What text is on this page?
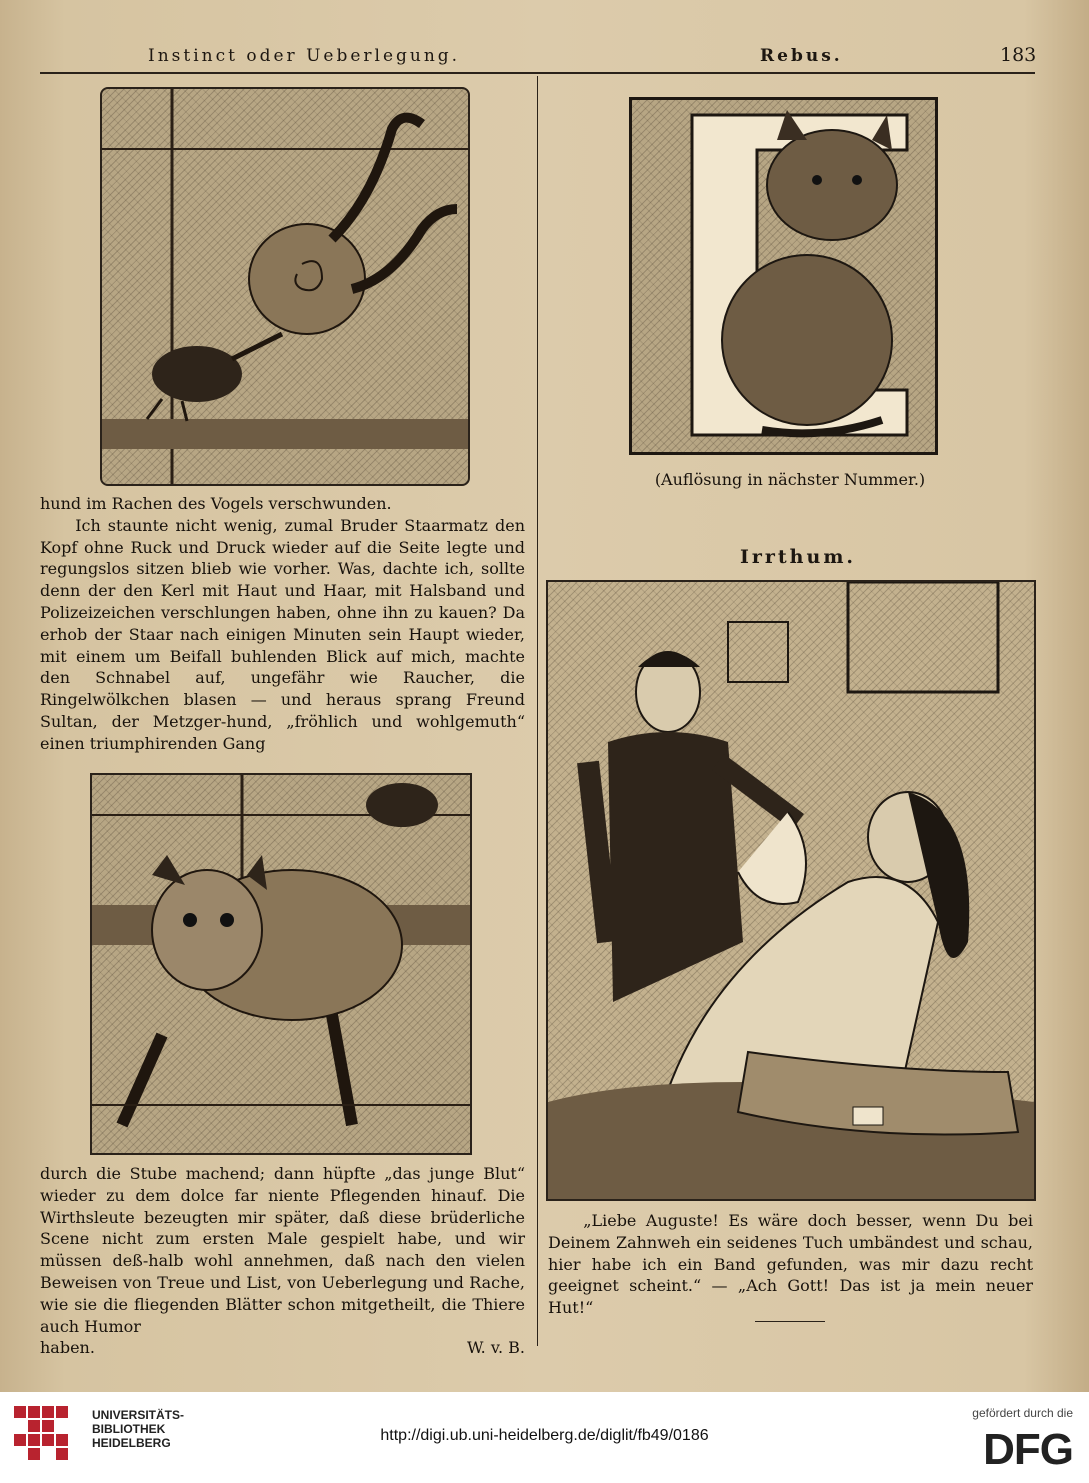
Instinct oder Ueberlegung.	Rebus.	183

hund im Rachen des Vogels verschwunden.

Ich staunte nicht wenig, zumal Bruder Staarmatz den Kopf ohne Ruck und Druck wieder auf die Seite legte und regungslos sitzen blieb wie vorher. Was, dachte ich, sollte denn der den Kerl mit Haut und Haar, mit Halsband und Polizeizeichen verschlungen haben, ohne ihn zu kauen? Da erhob der Staar nach einigen Minuten sein Haupt wieder, mit einem um Beifall buhlenden Blick auf mich, machte den Schnabel auf, ungefähr wie Raucher, die Ringelwölkchen blasen — und heraus sprang Freund Sultan, der Metzger-hund, „fröhlich und wohlgemuth“ einen triumphirenden Gang

durch die Stube machend; dann hüpfte „das junge Blut“ wieder zu dem dolce far niente Pflegenden hinauf. Die Wirthsleute bezeugten mir später, daß diese brüderliche Scene nicht zum ersten Male gespielt habe, und wir müssen deß-halb wohl annehmen, daß nach den vielen Beweisen von Treue und List, von Ueberlegung und Rache, wie sie die fliegenden Blätter schon mitgetheilt, die Thiere auch Humor

haben.	W. v. B.
(Auflösung in nächster Nummer.)
Irrthum.

„Liebe Auguste! Es wäre doch besser, wenn Du bei Deinem Zahnweh ein seidenes Tuch umbändest und schau, hier habe ich ein Band gefunden, was mir dazu recht geeignet scheint.“ — „Ach Gott! Das ist ja mein neuer Hut!“

UNIVERSITÄTS-
BIBLIOTHEK
HEIDELBERG	http://digi.ub.uni-heidelberg.de/diglit/fb49/0186
gefördert durch die
DFG
